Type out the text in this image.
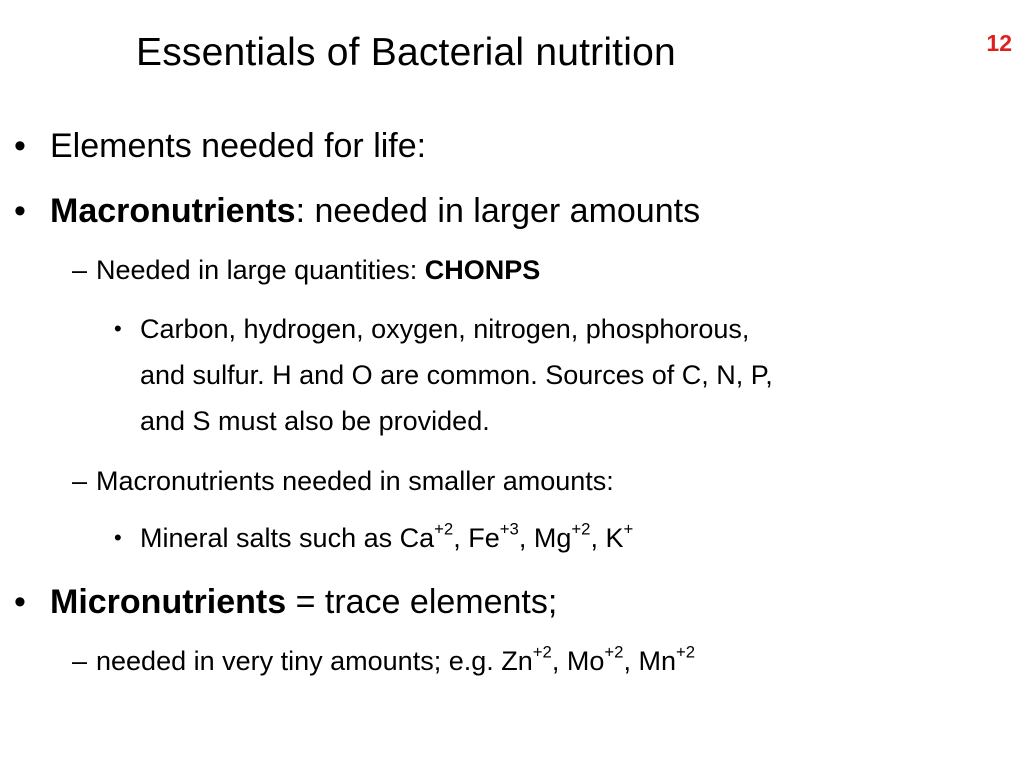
Essentials of Bacterial nutrition	12
• Elements needed for life:
• Macronutrients: needed in larger amounts
– Needed in large quantities: CHONPS
• Carbon, hydrogen, oxygen, nitrogen, phosphorous,
and sulfur. H and O are common. Sources of C, N, P,
and S must also be provided.
– Macronutrients needed in smaller amounts:
• Mineral salts such as $Ca^{+2}$, $Fe^{+3}$, $Mg^{+2}$, K+
• Micronutrients = trace elements;
– needed in very tiny amounts; e.g. $Zn^{+2}$, $Mo^{+2}$, $Mn^{+2}$
